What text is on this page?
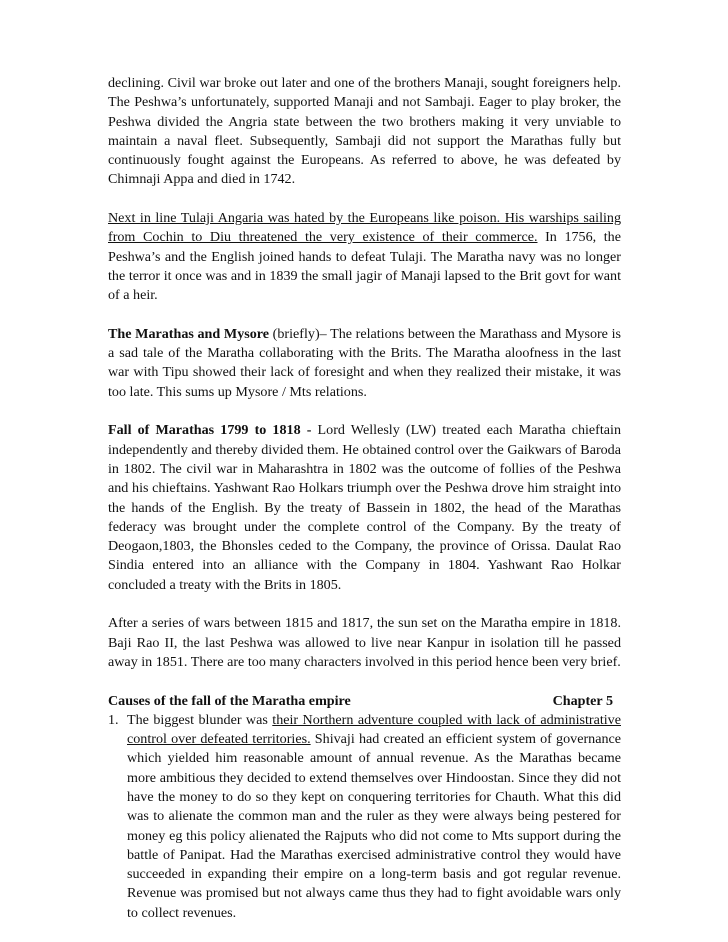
declining. Civil war broke out later and one of the brothers Manaji, sought foreigners help. The Peshwa’s unfortunately, supported Manaji and not Sambaji. Eager to play broker, the Peshwa divided the Angria state between the two brothers making it very unviable to maintain a naval fleet. Subsequently, Sambaji did not support the Marathas fully but continuously fought against the Europeans. As referred to above, he was defeated by Chimnaji Appa and died in 1742.

Next in line Tulaji Angaria was hated by the Europeans like poison. His warships sailing from Cochin to Diu threatened the very existence of their commerce. In 1756, the Peshwa’s and the English joined hands to defeat Tulaji. The Maratha navy was no longer the terror it once was and in 1839 the small jagir of Manaji lapsed to the Brit govt for want of a heir.

The Marathas and Mysore (briefly)– The relations between the Marathass and Mysore is a sad tale of the Maratha collaborating with the Brits. The Maratha aloofness in the last war with Tipu showed their lack of foresight and when they realized their mistake, it was too late. This sums up Mysore / Mts relations.

Fall of Marathas 1799 to 1818 - Lord Wellesly (LW) treated each Maratha chieftain independently and thereby divided them. He obtained control over the Gaikwars of Baroda in 1802. The civil war in Maharashtra in 1802 was the outcome of follies of the Peshwa and his chieftains. Yashwant Rao Holkars triumph over the Peshwa drove him straight into the hands of the English. By the treaty of Bassein in 1802, the head of the Marathas federacy was brought under the complete control of the Company. By the treaty of Deogaon,1803, the Bhonsles ceded to the Company, the province of Orissa. Daulat Rao Sindia entered into an alliance with the Company in 1804. Yashwant Rao Holkar concluded a treaty with the Brits in 1805.

After a series of wars between 1815 and 1817, the sun set on the Maratha empire in 1818. Baji Rao II, the last Peshwa was allowed to live near Kanpur in isolation till he passed away in 1851. There are too many characters involved in this period hence been very brief.

Causes of the fall of the Maratha empire	Chapter 5
1. The biggest blunder was their Northern adventure coupled with lack of administrative control over defeated territories. Shivaji had created an efficient system of governance which yielded him reasonable amount of annual revenue. As the Marathas became more ambitious they decided to extend themselves over Hindoostan. Since they did not have the money to do so they kept on conquering territories for Chauth. What this did was to alienate the common man and the ruler as they were always being pestered for money eg this policy alienated the Rajputs who did not come to Mts support during the battle of Panipat. Had the Marathas exercised administrative control they would have succeeded in expanding their empire on a long-term basis and got regular revenue. Revenue was promised but not always came thus they had to fight avoidable wars only to collect revenues.
